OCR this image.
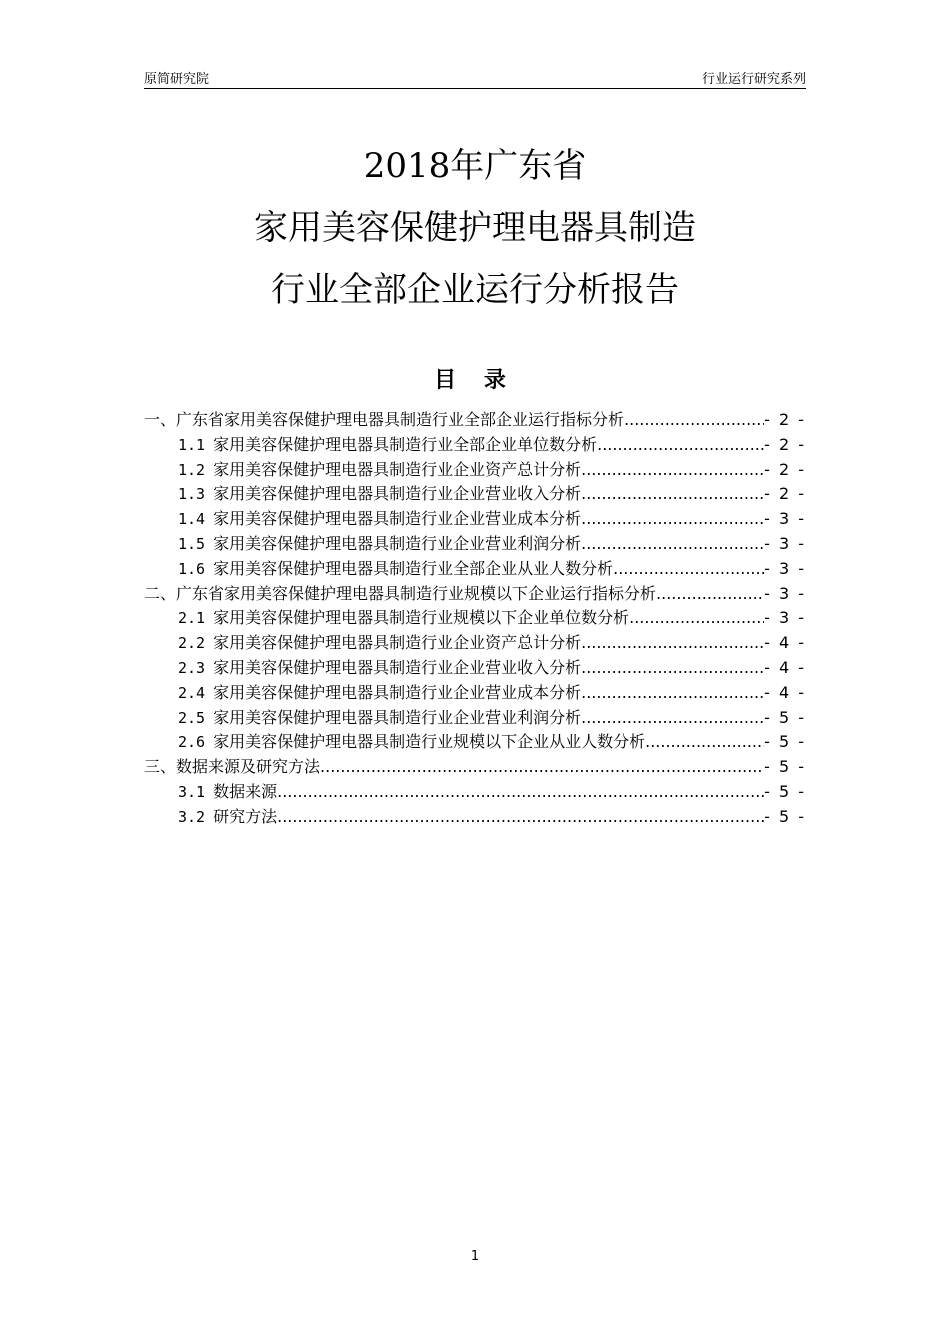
原简研究院	行业运行研究系列
2018年广东省
家用美容保健护理电器具制造
行业全部企业运行分析报告
目 录
一、广东省家用美容保健护理电器具制造行业全部企业运行指标分析 .....	- 2 -
1.1 家用美容保健护理电器具制造行业全部企业单位数分析 .....	- 2 -
1.2 家用美容保健护理电器具制造行业企业资产总计分析 .....	- 2 -
1.3 家用美容保健护理电器具制造行业企业营业收入分析 .....	- 2 -
1.4 家用美容保健护理电器具制造行业企业营业成本分析 .....	- 3 -
1.5 家用美容保健护理电器具制造行业企业营业利润分析 .....	- 3 -
1.6 家用美容保健护理电器具制造行业全部企业从业人数分析 .....	- 3 -
二、广东省家用美容保健护理电器具制造行业规模以下企业运行指标分析 .....	- 3 -
2.1 家用美容保健护理电器具制造行业规模以下企业单位数分析 .....	- 3 -
2.2 家用美容保健护理电器具制造行业企业资产总计分析 .....	- 4 -
2.3 家用美容保健护理电器具制造行业企业营业收入分析 .....	- 4 -
2.4 家用美容保健护理电器具制造行业企业营业成本分析 .....	- 4 -
2.5 家用美容保健护理电器具制造行业企业营业利润分析 .....	- 5 -
2.6 家用美容保健护理电器具制造行业规模以下企业从业人数分析 .....	- 5 -
三、数据来源及研究方法 .....	- 5 -
3.1 数据来源 .....	- 5 -
3.2 研究方法 .....	- 5 -
1
